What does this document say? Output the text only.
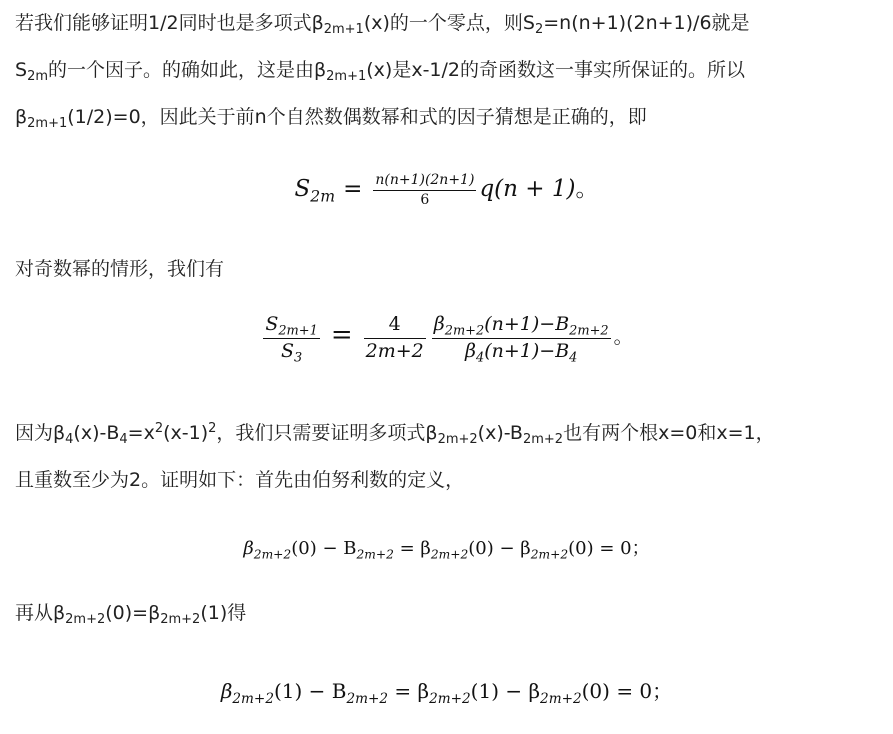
若我们能够证明1/2同时也是多项式$\beta_{2m+1}(x)$的一个零点，则$S_2=n(n+1)(2n+1)/6$就是
$S_{2m}$的一个因子。的确如此，这是由$\beta_{2m+1}(x)$是x-1/2的奇函数这一事实所保证的。所以
$\beta_{2m+1}(1/2)=0$，因此关于前n个自然数偶数幂和式的因子猜想是正确的，即
$S_{2m} = \frac{n(n+1)(2n+1)}{6} q(n + 1)$。
对奇数幂的情形，我们有
$\frac{S_{2m+1}}{S_3} = \frac{4}{2m+2} \frac{\beta_{2m+2}(n+1)-B_{2m+2}}{\beta_4(n+1)-B_4}$ 。
因为$\beta_4(x)-B_4=x^2(x-1)^2$，我们只需要证明多项式$\beta_{2m+2}(x)-B_{2m+2}$也有两个根x=0和x=1，
且重数至少为2。证明如下：首先由伯努利数的定义，
$\beta_{2m+2}(0) - B_{2m+2} = \beta_{2m+2}(0) - \beta_{2m+2}(0) = 0$；
再从$\beta_{2m+2}(0)=\beta_{2m+2}(1)$得
$\beta_{2m+2}(1) - B_{2m+2} = \beta_{2m+2}(1) - \beta_{2m+2}(0) = 0$；
